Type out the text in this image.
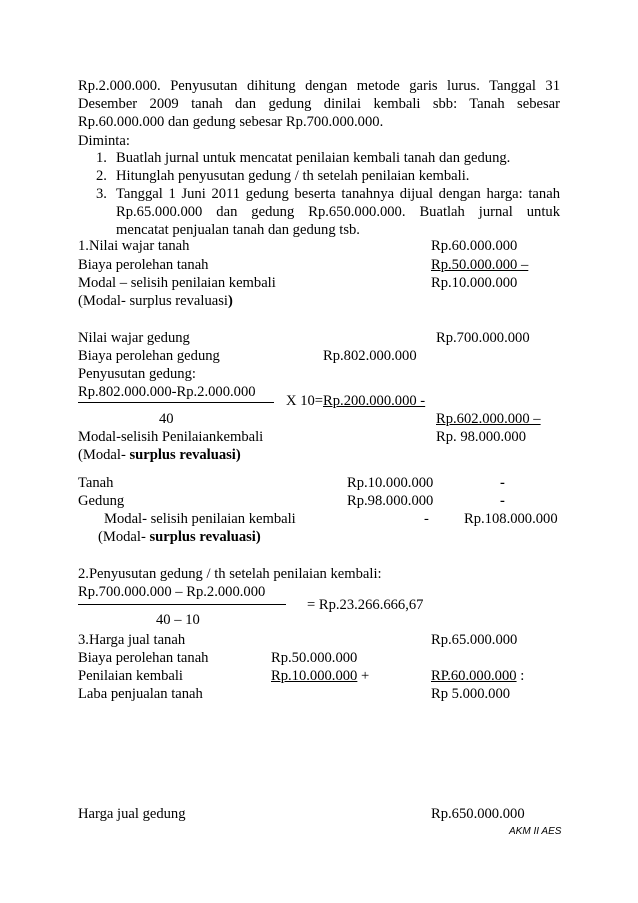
Rp.2.000.000. Penyusutan dihitung dengan metode garis lurus. Tanggal 31
Desember 2009 tanah dan gedung dinilai kembali sbb: Tanah sebesar
Rp.60.000.000 dan gedung sebesar Rp.700.000.000.
Diminta:
1. Buatlah jurnal untuk mencatat penilaian kembali tanah dan gedung.
2. Hitunglah penyusutan gedung / th setelah penilaian kembali.
3. Tanggal 1 Juni 2011 gedung beserta tanahnya dijual dengan harga: tanah
Rp.65.000.000 dan gedung Rp.650.000.000. Buatlah jurnal untuk
mencatat penjualan tanah dan gedung tsb.
1.Nilai wajar tanah	Rp.60.000.000
Biaya perolehan tanah	Rp.50.000.000 –
Modal – selisih penilaian kembali	Rp.10.000.000
(Modal- surplus revaluasi)
Nilai wajar gedung	Rp.700.000.000
Biaya perolehan gedung	Rp.802.000.000
Penyusutan gedung:
Rp.802.000.000-Rp.2.000.000
X 10=Rp.200.000.000 -
40	Rp.602.000.000 –
Modal-selisih Penilaiankembali	Rp. 98.000.000
(Modal- surplus revaluasi)
Tanah	Rp.10.000.000	-
Gedung	Rp.98.000.000	-
Modal- selisih penilaian kembali	- Rp.108.000.000
(Modal- surplus revaluasi)
2.Penyusutan gedung / th setelah penilaian kembali:
Rp.700.000.000 – Rp.2.000.000
= Rp.23.266.666,67
40 – 10
3.Harga jual tanah	Rp.65.000.000
Biaya perolehan tanah	Rp.50.000.000
Penilaian kembali	Rp.10.000.000 +	RP.60.000.000 :
Laba penjualan tanah	Rp 5.000.000
Harga jual gedung	Rp.650.000.000
AKM II AES
